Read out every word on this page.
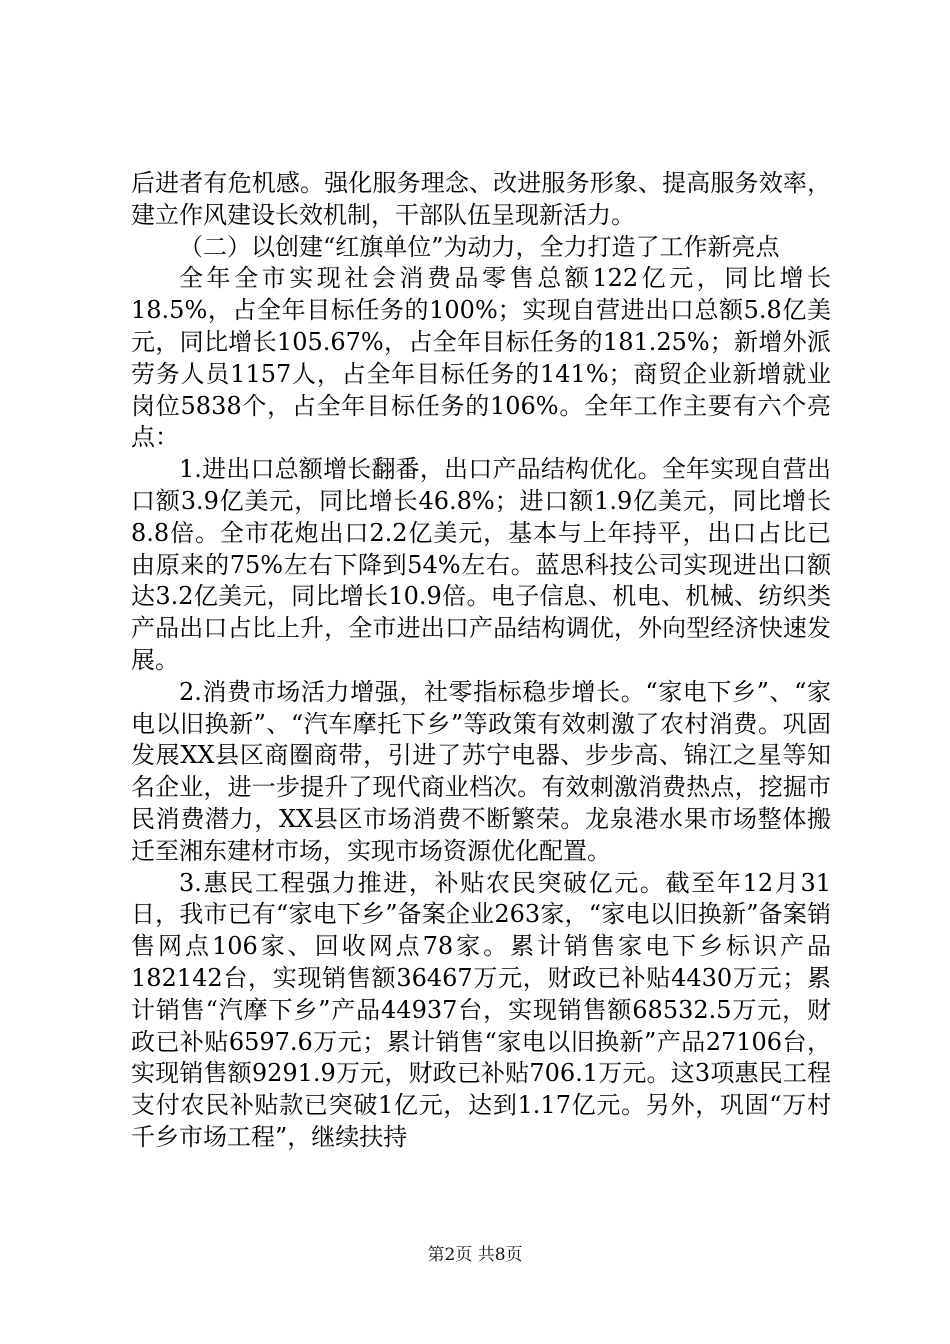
后进者有危机感。强化服务理念、改进服务形象、提高服务效率，建立作风建设长效机制，干部队伍呈现新活力。

（二）以创建“红旗单位”为动力，全力打造了工作新亮点

全年全市实现社会消费品零售总额122亿元，同比增长18.5%，占全年目标任务的100%；实现自营进出口总额5.8亿美元，同比增长105.67%，占全年目标任务的181.25%；新增外派劳务人员1157人，占全年目标任务的141%；商贸企业新增就业岗位5838个，占全年目标任务的106%。全年工作主要有六个亮点：

1.进出口总额增长翻番，出口产品结构优化。全年实现自营出口额3.9亿美元，同比增长46.8%；进口额1.9亿美元，同比增长8.8倍。全市花炮出口2.2亿美元，基本与上年持平，出口占比已由原来的75%左右下降到54%左右。蓝思科技公司实现进出口额达3.2亿美元，同比增长10.9倍。电子信息、机电、机械、纺织类产品出口占比上升，全市进出口产品结构调优，外向型经济快速发展。

2.消费市场活力增强，社零指标稳步增长。“家电下乡”、“家电以旧换新”、“汽车摩托下乡”等政策有效刺激了农村消费。巩固发展XX县区商圈商带，引进了苏宁电器、步步高、锦江之星等知名企业，进一步提升了现代商业档次。有效刺激消费热点，挖掘市民消费潜力，XX县区市场消费不断繁荣。龙泉港水果市场整体搬迁至湘东建材市场，实现市场资源优化配置。

3.惠民工程强力推进，补贴农民突破亿元。截至年12月31日，我市已有“家电下乡”备案企业263家，“家电以旧换新”备案销售网点106家、回收网点78家。累计销售家电下乡标识产品182142台，实现销售额36467万元，财政已补贴4430万元；累计销售“汽摩下乡”产品44937台，实现销售额68532.5万元，财政已补贴6597.6万元；累计销售“家电以旧换新”产品27106台，实现销售额9291.9万元，财政已补贴706.1万元。这3项惠民工程支付农民补贴款已突破1亿元，达到1.17亿元。另外，巩固“万村千乡市场工程”，继续扶持

第2页 共8页
